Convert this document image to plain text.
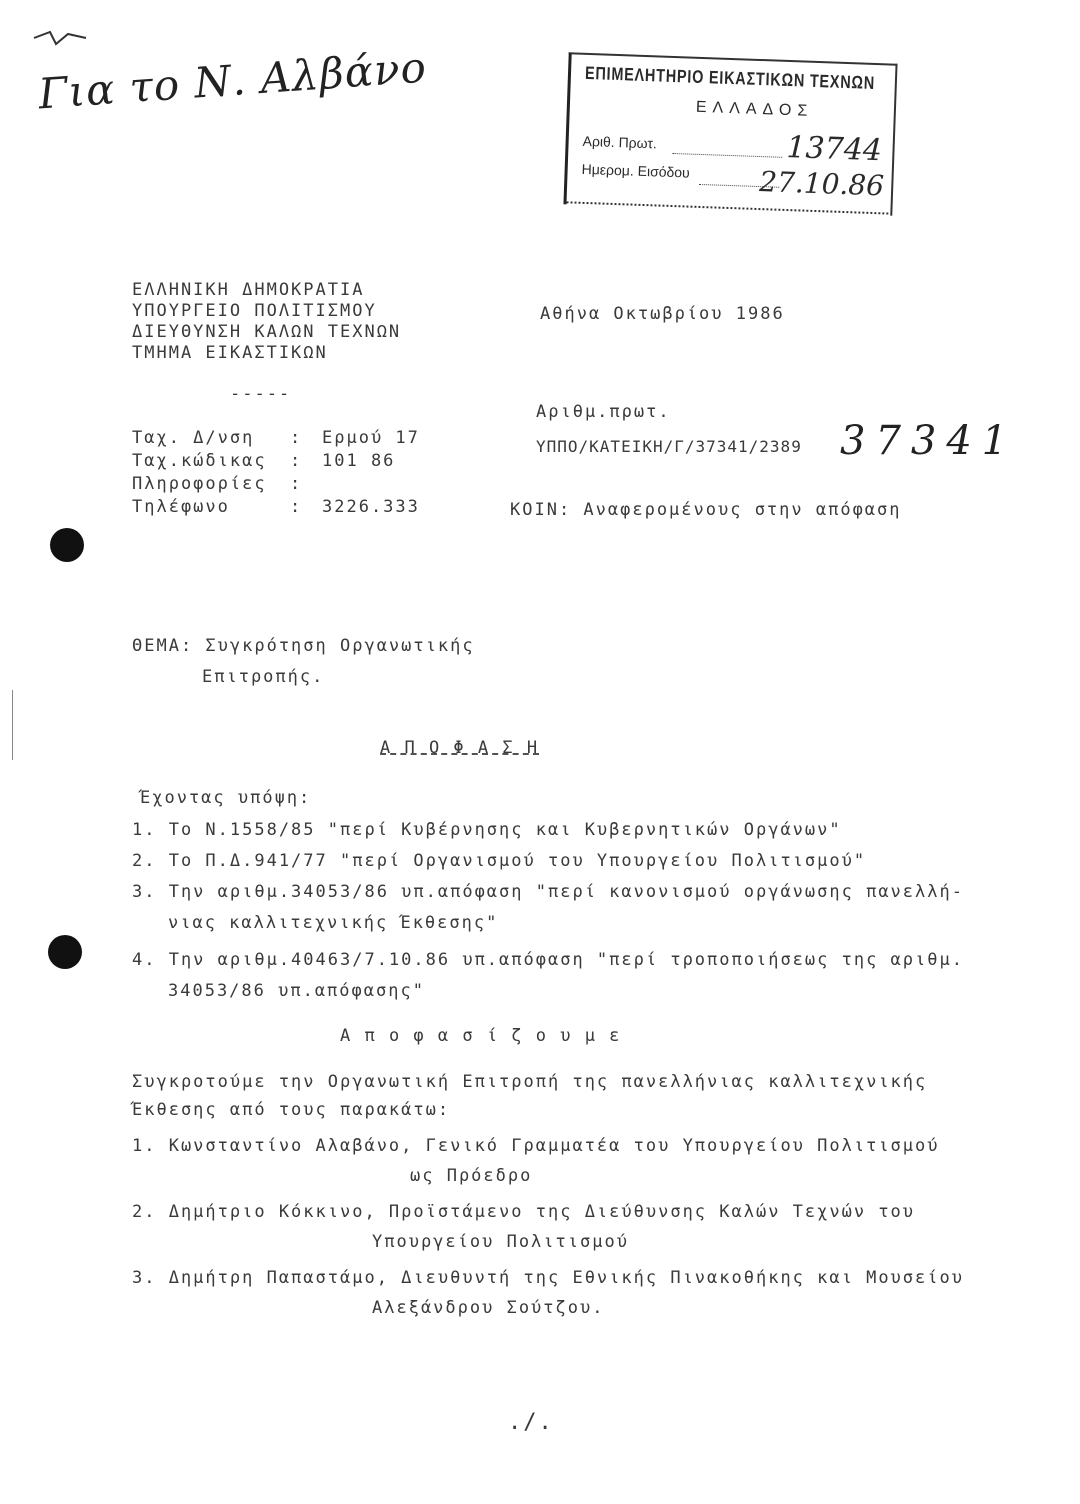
Για το Ν. Αλβάνο	ΕΠΙΜΕΛΗΤΗΡΙΟ ΕΙΚΑΣΤΙΚΩΝ ΤΕΧΝΩΝ
ΕΛΛΑΔΟΣ
Αριθ. Πρωτ.	13744
Ημερομ. Εισόδου 27.10.86
ΕΛΛΗΝΙΚΗ ΔΗΜΟΚΡΑΤΙΑ
ΥΠΟΥΡΓΕΙΟ ΠΟΛΙΤΙΣΜΟΥ
ΔΙΕΥΘΥΝΣΗ ΚΑΛΩΝ ΤΕΧΝΩΝ
ΤΜΗΜΑ ΕΙΚΑΣΤΙΚΩΝ
-----
Αθήνα Οκτωβρίου 1986
Ταχ. Δ/νση : Ερμού 17
Ταχ.κώδικας : 101 86
Πληροφορίες :
Τηλέφωνο	: 3226.333
Αριθμ.πρωτ.
ΥΠΠΟ/ΚΑΤΕΙΚΗ/Γ/37341/2389 37341
ΚΟΙΝ: Αναφερομένους στην απόφαση
ΘΕΜΑ: Συγκρότηση Οργανωτικής
Επιτροπής.
Α Π Ο Φ Α Σ Η
Έχοντας υπόψη:
1. Το Ν.1558/85 "περί Κυβέρνησης και Κυβερνητικών Οργάνων"
2. Το Π.Δ.941/77 "περί Οργανισμού του Υπουργείου Πολιτισμού"
3. Την αριθμ.34053/86 υπ.απόφαση "περί κανονισμού οργάνωσης πανελλή-
νιας καλλιτεχνικής Έκθεσης"
4. Την αριθμ.40463/7.10.86 υπ.απόφαση "περί τροποποιήσεως της αριθμ.
34053/86 υπ.απόφασης"
Α π ο φ α σ ί ζ ο υ μ ε
Συγκροτούμε την Οργανωτική Επιτροπή της πανελλήνιας καλλιτεχνικής
Έκθεσης από τους παρακάτω:
1. Κωνσταντίνο Αλαβάνο, Γενικό Γραμματέα του Υπουργείου Πολιτισμού
ως Πρόεδρο
2. Δημήτριο Κόκκινο, Προϊστάμενο της Διεύθυνσης Καλών Τεχνών του
Υπουργείου Πολιτισμού
3. Δημήτρη Παπαστάμο, Διευθυντή της Εθνικής Πινακοθήκης και Μουσείου
Αλεξάνδρου Σούτζου.
./.
